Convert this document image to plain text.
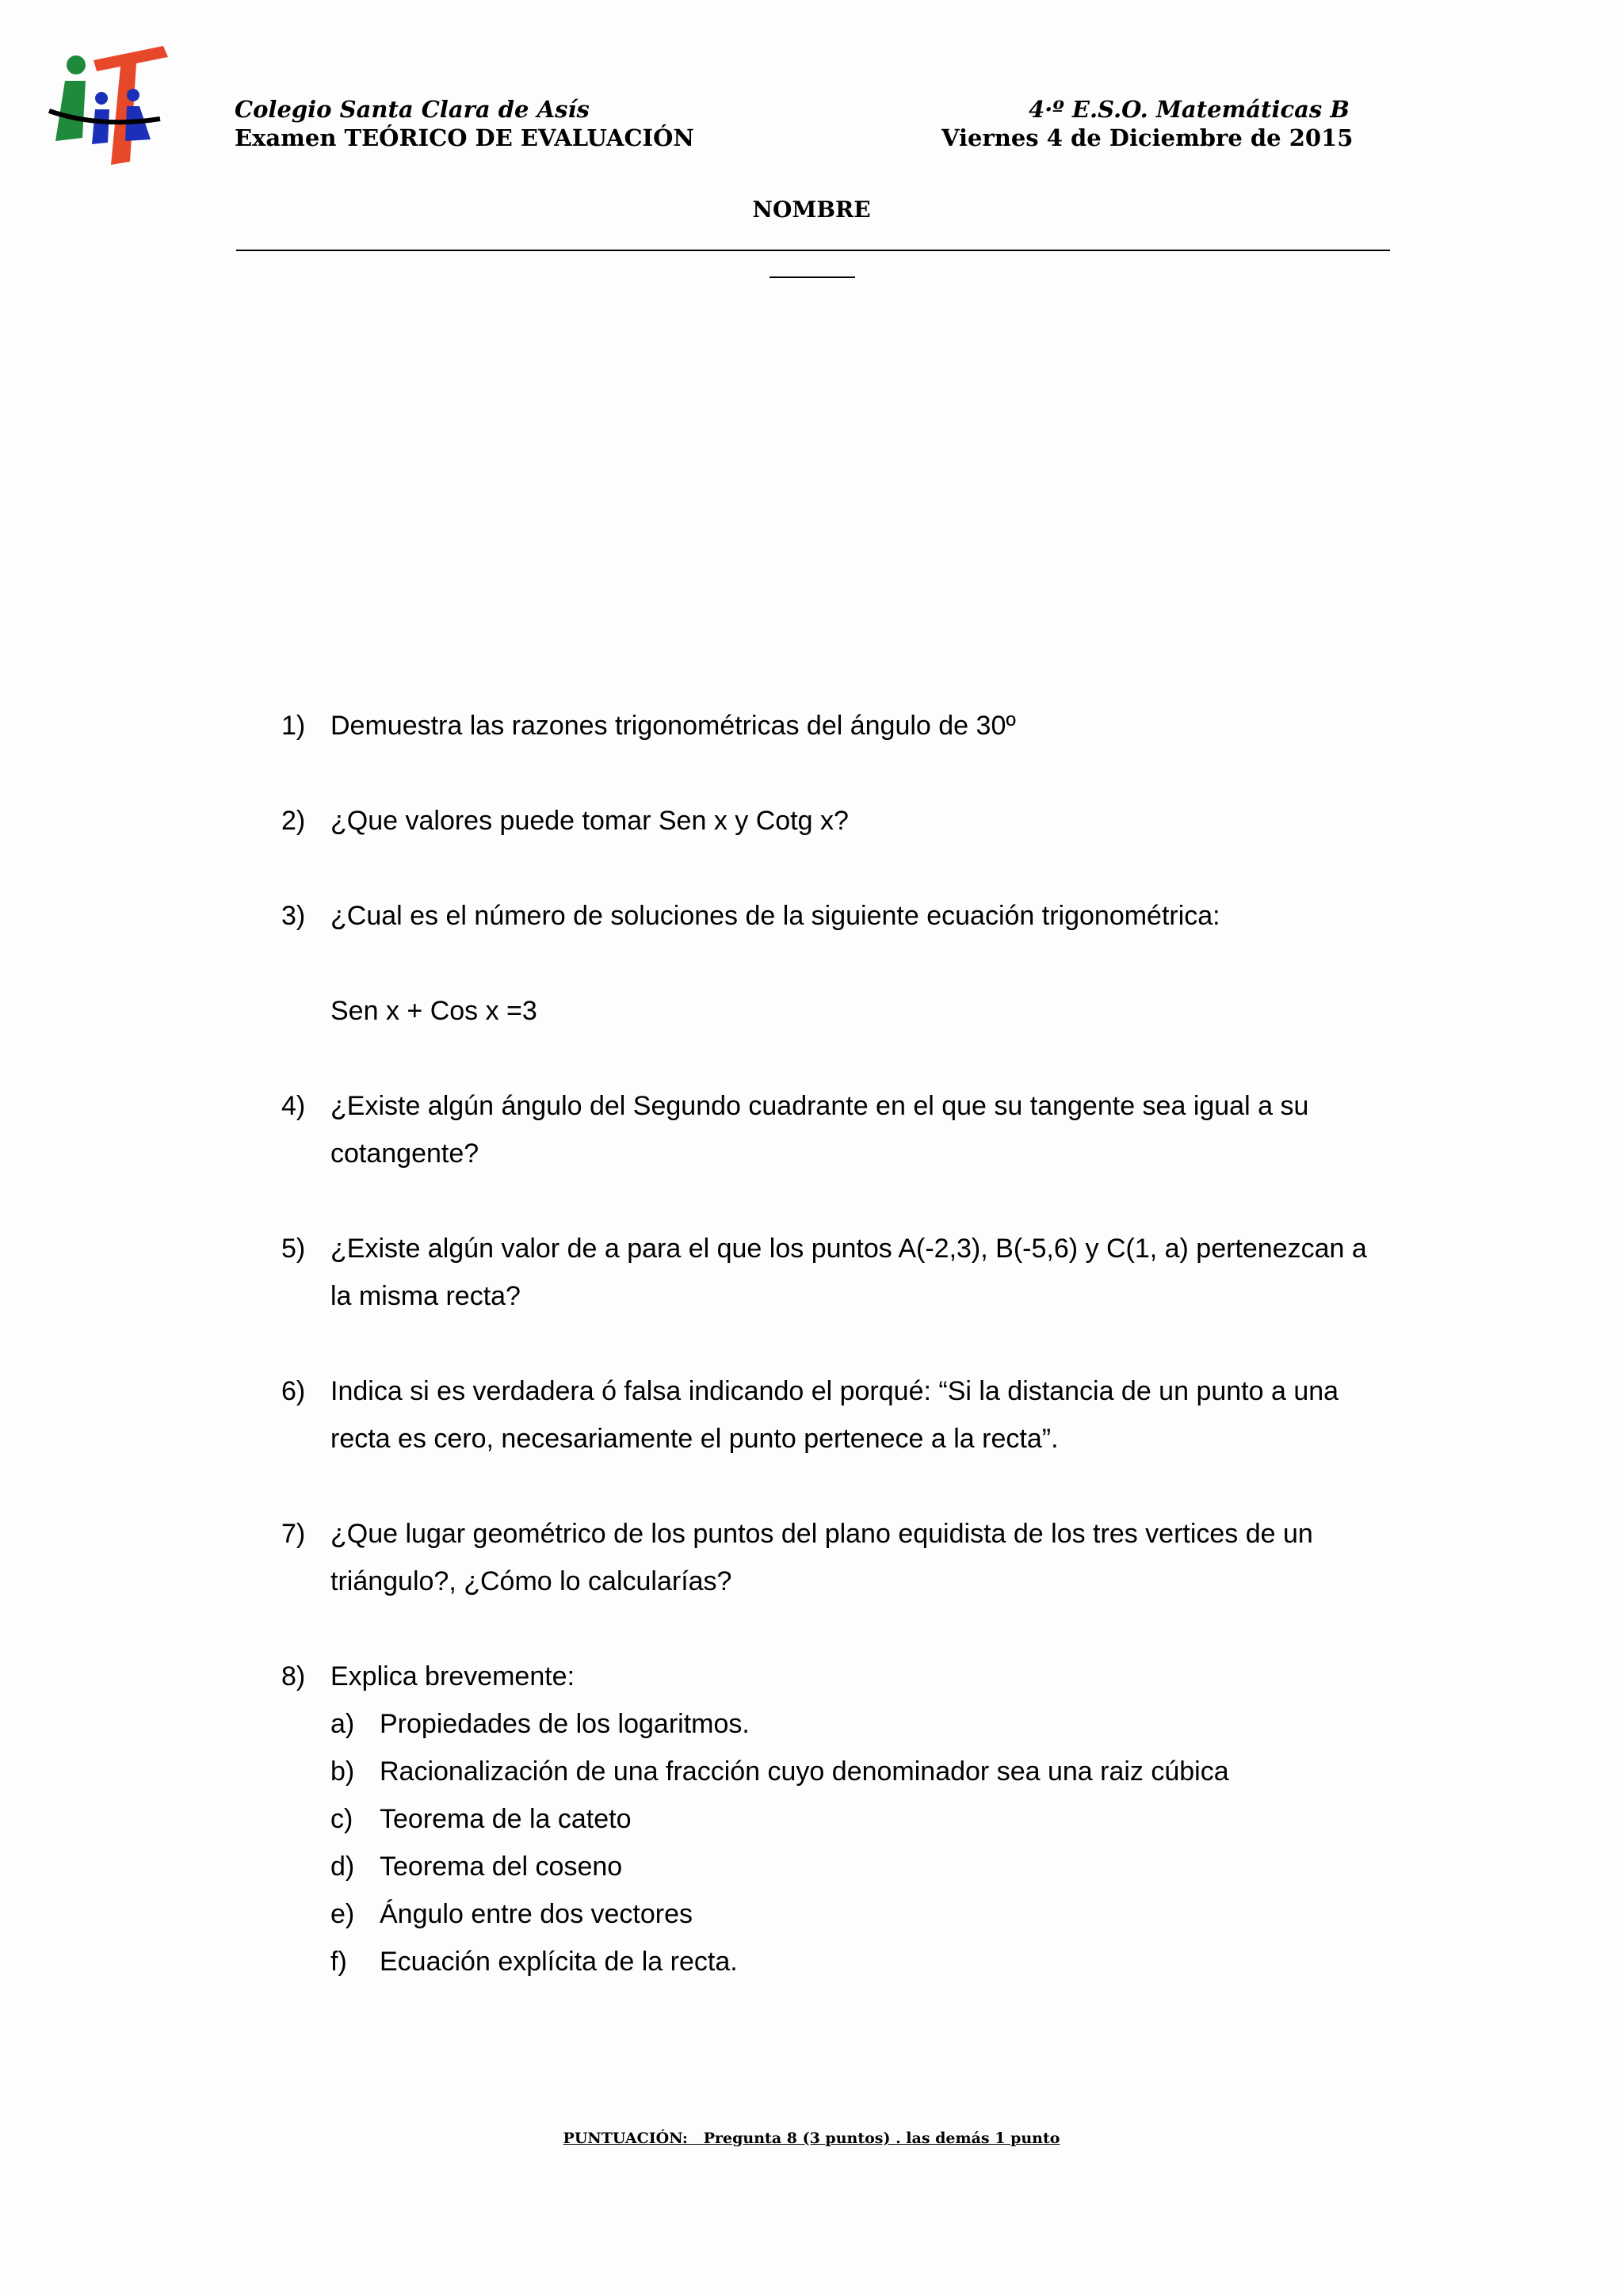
Colegio Santa Clara de Asís
Examen TEÓRICO DE EVALUACIÓN
4·º E.S.O. Matemáticas B
Viernes 4 de Diciembre de 2015
NOMBRE
1) Demuestra las razones trigonométricas del ángulo de 30º
2) ¿Que valores puede tomar Sen x y Cotg x?
3) ¿Cual es el número de soluciones de la siguiente ecuación trigonométrica:
Sen x + Cos x =3
4) ¿Existe algún ángulo del Segundo cuadrante en el que su tangente sea igual a su cotangente?
5) ¿Existe algún valor de a para el que los puntos A(-2,3), B(-5,6) y C(1, a) pertenezcan a la misma recta?
6) Indica si es verdadera ó falsa indicando el porqué: “Si la distancia de un punto a una recta es cero, necesariamente el punto pertenece a la recta”.
7) ¿Que lugar geométrico de los puntos del plano equidista de los tres vertices de un triángulo?, ¿Cómo lo calcularías?
8) Explica brevemente:
a) Propiedades de los logaritmos.
b) Racionalización de una fracción cuyo denominador sea una raiz cúbica
c) Teorema de la cateto
d) Teorema del coseno
e) Ángulo entre dos vectores
f)	Ecuación explícita de la recta.
PUNTUACIÓN:   Pregunta 8 (3 puntos) . las demás 1 punto
